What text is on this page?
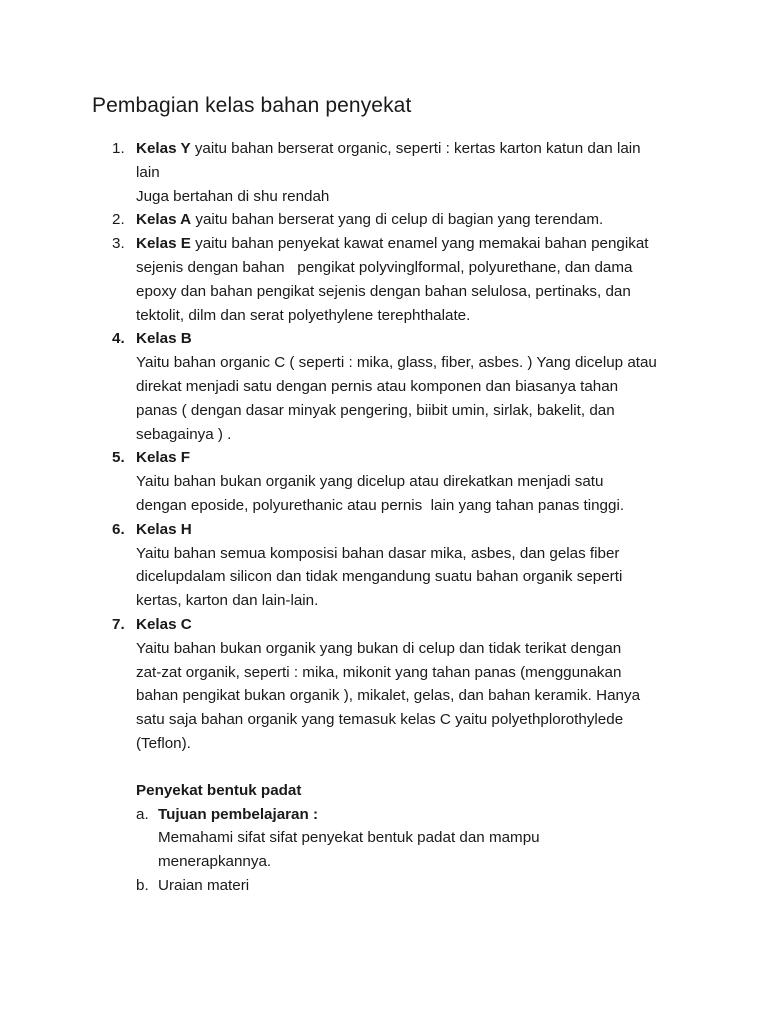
Pembagian kelas bahan penyekat
1. Kelas Y yaitu bahan berserat organic, seperti : kertas karton katun dan lain
lain
Juga bertahan di shu rendah
2. Kelas A yaitu bahan berserat yang di celup di bagian yang terendam.
3. Kelas E yaitu bahan penyekat kawat enamel yang memakai bahan pengikat
sejenis dengan bahan   pengikat polyvinglformal, polyurethane, dan dama
epoxy dan bahan pengikat sejenis dengan bahan selulosa, pertinaks, dan
tektolit, dilm dan serat polyethylene terephthalate.
4. Kelas B
Yaitu bahan organic C ( seperti : mika, glass, fiber, asbes. ) Yang dicelup atau
direkat menjadi satu dengan pernis atau komponen dan biasanya tahan
panas ( dengan dasar minyak pengering, biibit umin, sirlak, bakelit, dan
sebagainya ) .
5. Kelas F
Yaitu bahan bukan organik yang dicelup atau direkatkan menjadi satu
dengan eposide, polyurethanic atau pernis  lain yang tahan panas tinggi.
6. Kelas H
Yaitu bahan semua komposisi bahan dasar mika, asbes, dan gelas fiber
dicelupdalam silicon dan tidak mengandung suatu bahan organik seperti
kertas, karton dan lain-lain.
7. Kelas C
Yaitu bahan bukan organik yang bukan di celup dan tidak terikat dengan
zat-zat organik, seperti : mika, mikonit yang tahan panas (menggunakan
bahan pengikat bukan organik ), mikalet, gelas, dan bahan keramik. Hanya
satu saja bahan organik yang temasuk kelas C yaitu polyethplorothylede
(Teflon).
Penyekat bentuk padat
a. Tujuan pembelajaran :
Memahami sifat sifat penyekat bentuk padat dan mampu
menerapkannya.
b. Uraian materi
